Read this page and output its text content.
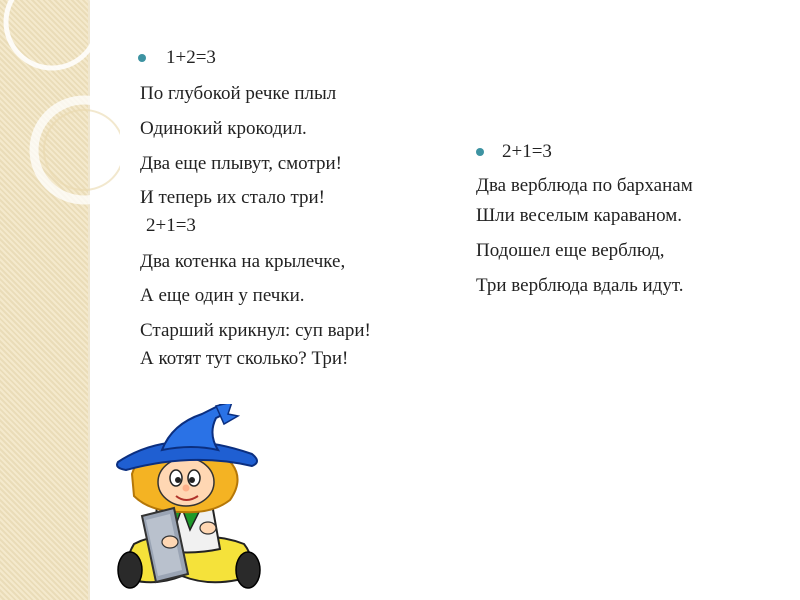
1+2=3
По глубокой речке плыл
Одинокий крокодил.
Два еще плывут, смотри!
И теперь их стало три!
2+1=3
Два котенка на крылечке,
А еще один у печки.
Старший крикнул: суп вари!
А котят тут сколько? Три!
2+1=3
Два верблюда по барханам
Шли веселым караваном.
Подошел еще верблюд,
Три верблюда вдаль идут.
